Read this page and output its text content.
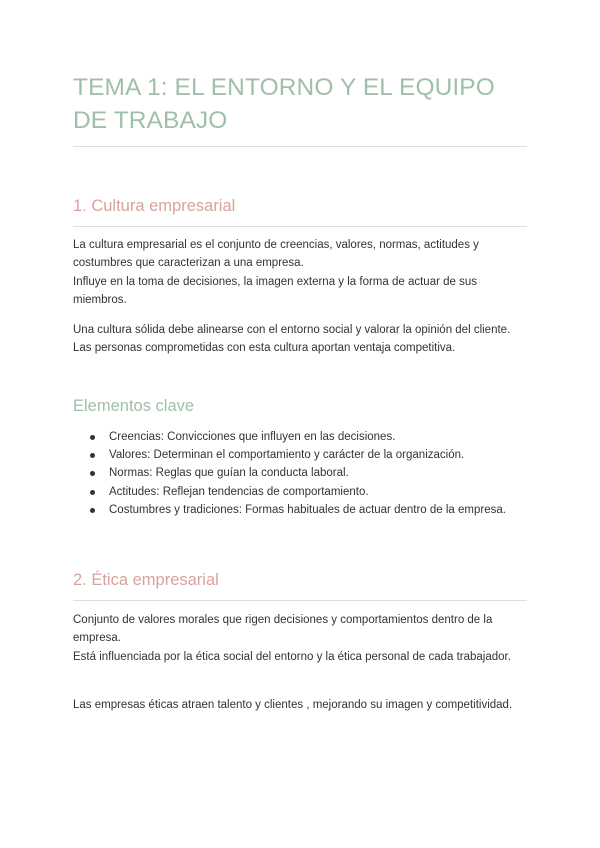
TEMA 1: EL ENTORNO Y EL EQUIPO DE TRABAJO
1. Cultura empresarial

La cultura empresarial es el conjunto de creencias, valores, normas, actitudes y costumbres que caracterizan a una empresa.
Influye en la toma de decisiones, la imagen externa y la forma de actuar de sus miembros.

Una cultura sólida debe alinearse con el entorno social y valorar la opinión del cliente.
Las personas comprometidas con esta cultura aportan ventaja competitiva.

Elementos clave
Creencias: Convicciones que influyen en las decisiones.
Valores: Determinan el comportamiento y carácter de la organización.
Normas: Reglas que guían la conducta laboral.
Actitudes: Reflejan tendencias de comportamiento.
Costumbres y tradiciones: Formas habituales de actuar dentro de la empresa.
2. Ética empresarial

Conjunto de valores morales que rigen decisiones y comportamientos dentro de la empresa.
Está influenciada por la ética social del entorno y la ética personal de cada trabajador.

Las empresas éticas atraen talento y clientes , mejorando su imagen y competitividad.
